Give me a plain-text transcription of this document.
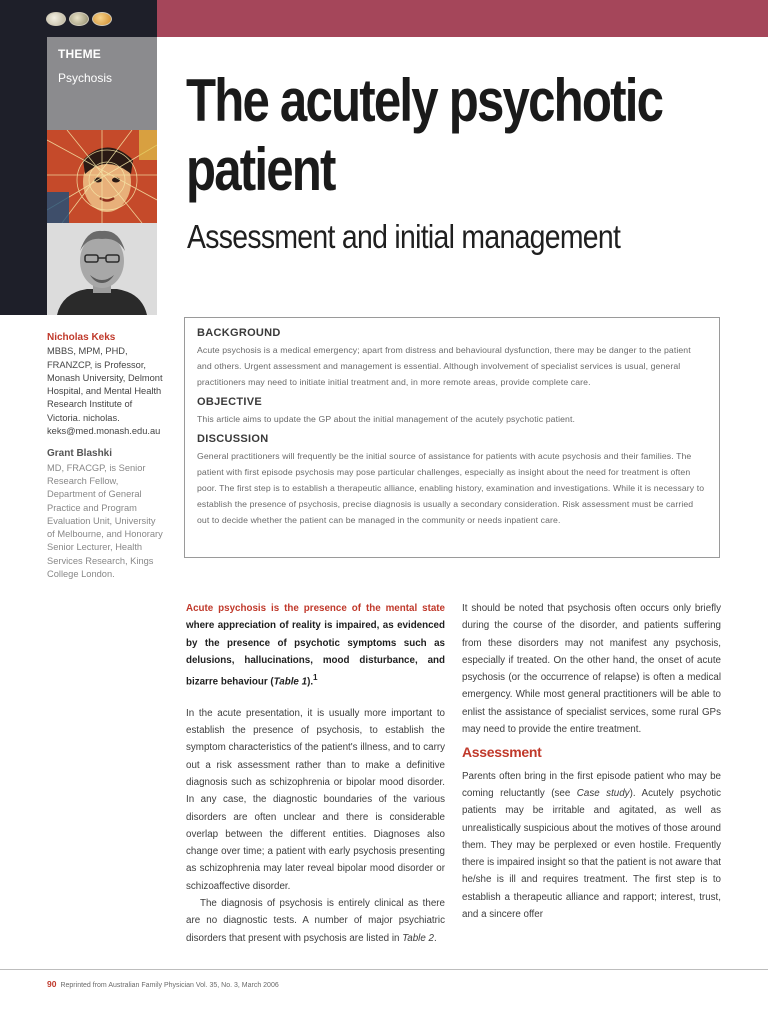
THEME
Psychosis	The acutely psychotic patient
Assessment and initial management
Nicholas Keks
MBBS, MPM, PHD, FRANZCP, is Professor, Monash University, Delmont Hospital, and Mental Health Research Institute of Victoria. nicholas. keks@med.monash.edu.au
Grant Blashki
MD, FRACGP, is Senior Research Fellow, Department of General Practice and Program Evaluation Unit, University of Melbourne, and Honorary Senior Lecturer, Health Services Research, Kings College London.
BACKGROUND
Acute psychosis is a medical emergency; apart from distress and behavioural dysfunction, there may be danger to the patient and others. Urgent assessment and management is essential. Although involvement of specialist services is usual, general practitioners may need to initiate initial treatment and, in more remote areas, provide complete care.
OBJECTIVE
This article aims to update the GP about the initial management of the acutely psychotic patient.
DISCUSSION
General practitioners will frequently be the initial source of assistance for patients with acute psychosis and their families. The patient with first episode psychosis may pose particular challenges, especially as insight about the need for treatment is often poor. The first step is to establish a therapeutic alliance, enabling history, examination and investigations. While it is necessary to establish the presence of psychosis, precise diagnosis is usually a secondary consideration. Risk assessment must be carried out to decide whether the patient can be managed in the community or needs inpatient care.

Acute psychosis is the presence of the mental state where appreciation of reality is impaired, as evidenced by the presence of psychotic symptoms such as delusions, hallucinations, mood disturbance, and bizarre behaviour (Table 1).$^1$

In the acute presentation, it is usually more important to establish the presence of psychosis, to establish the symptom characteristics of the patient's illness, and to carry out a risk assessment rather than to make a definitive diagnosis such as schizophrenia or bipolar mood disorder. In any case, the diagnostic boundaries of the various disorders are often unclear and there is considerable overlap between the different entities. Diagnoses also change over time; a patient with early psychosis presenting as schizophrenia may later reveal bipolar mood disorder or schizoaffective disorder.

The diagnosis of psychosis is entirely clinical as there are no diagnostic tests. A number of major psychiatric disorders that present with psychosis are listed in Table 2.

It should be noted that psychosis often occurs only briefly during the course of the disorder, and patients suffering from these disorders may not manifest any psychosis, especially if treated. On the other hand, the onset of acute psychosis (or the occurrence of relapse) is often a medical emergency. While most general practitioners will be able to enlist the assistance of specialist services, some rural GPs may need to provide the entire treatment.

Assessment

Parents often bring in the first episode patient who may be coming reluctantly (see Case study). Acutely psychotic patients may be irritable and agitated, as well as unrealistically suspicious about the motives of those around them. They may be perplexed or even hostile. Frequently there is impaired insight so that the patient is not aware that he/she is ill and requires treatment. The first step is to establish a therapeutic alliance and rapport; interest, trust, and a sincere offer

90 Reprinted from Australian Family Physician Vol. 35, No. 3, March 2006
